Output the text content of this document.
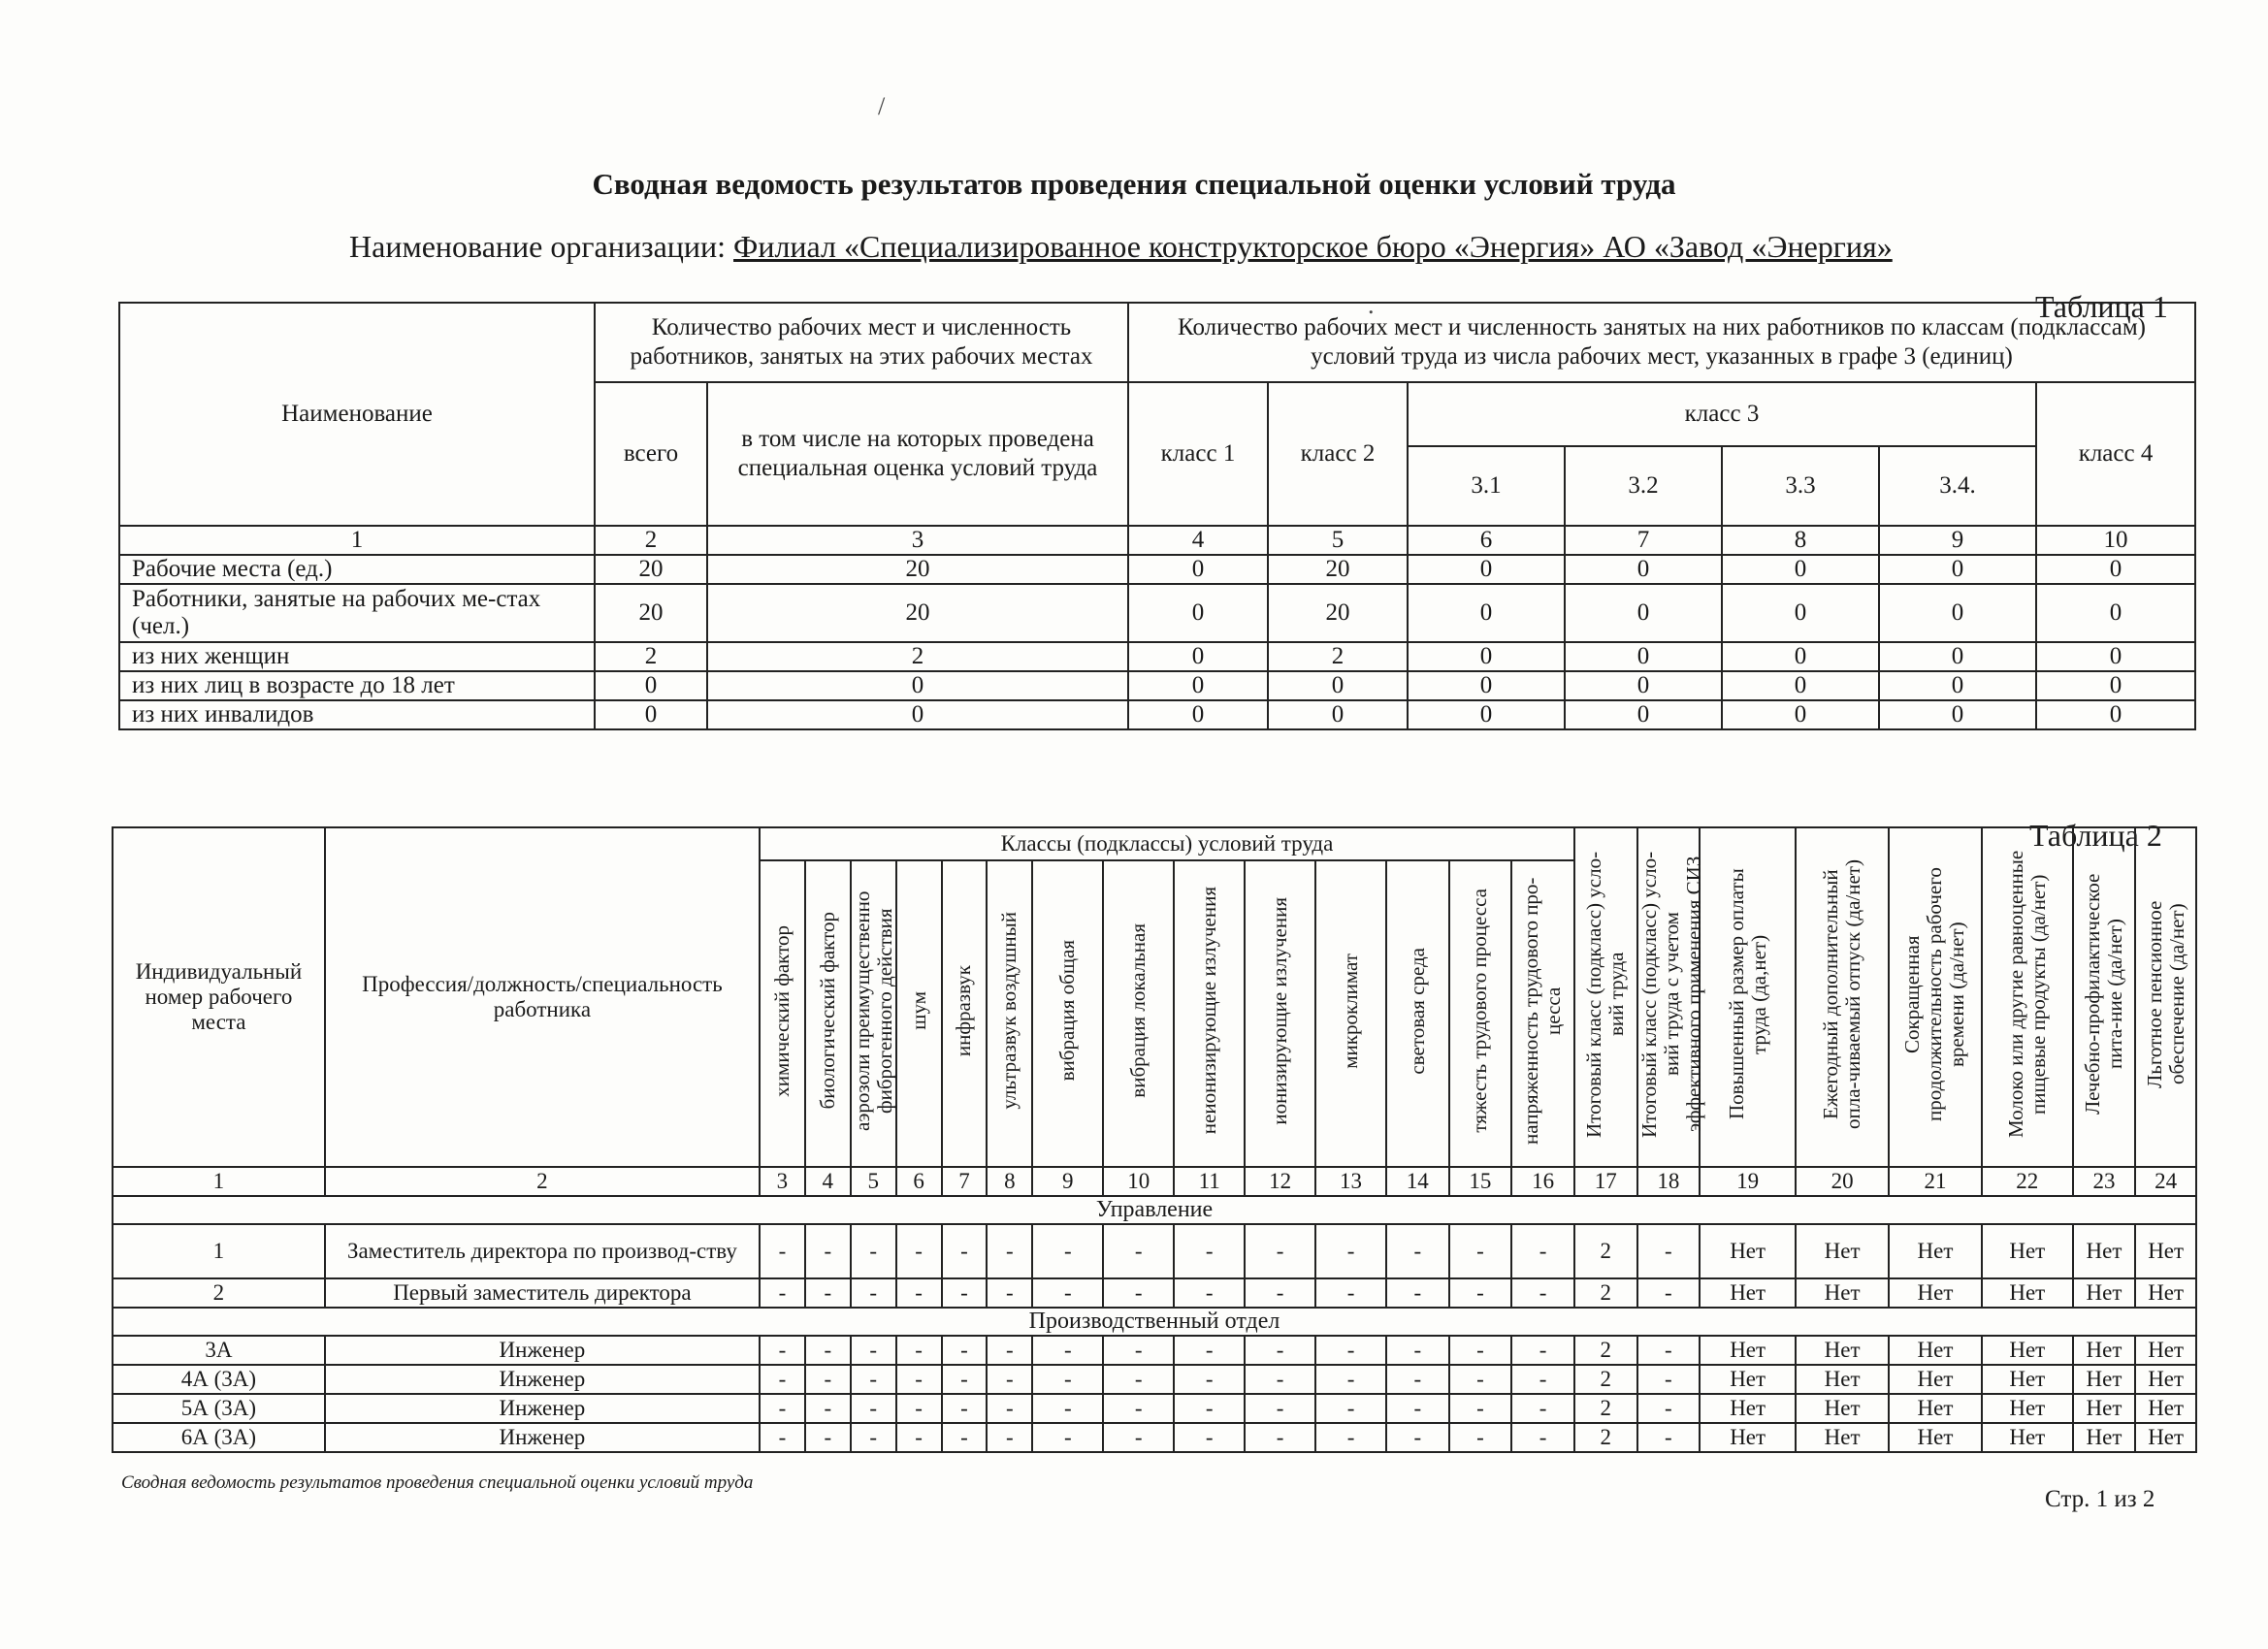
/
.
Сводная ведомость результатов проведения специальной оценки условий труда
Наименование организации: Филиал «Специализированное конструкторское бюро «Энергия» АО «Завод «Энергия»
Таблица 1
Наименование	Количество рабочих мест и численность работников, занятых на этих рабочих местах		Количество рабочих мест и численность занятых на них работников по классам (подклассам) условий труда из числа рабочих мест, указанных в графе 3 (единиц)						
	всего	в том числе на которых проведена специальная оценка условий труда	класс 1	класс 2	класс 3				класс 4
					3.1	3.2	3.3	3.4.	
1	2	3	4	5	6	7	8	9	10
Рабочие места (ед.)	20	20	0	20	0	0	0	0	0
Работники, занятые на рабочих ме-стах (чел.)	20	20	0	20	0	0	0	0	0
из них женщин	2	2	0	2	0	0	0	0	0
из них лиц в возрасте до 18 лет	0	0	0	0	0	0	0	0	0
из них инвалидов	0	0	0	0	0	0	0	0	0
Таблица 2
Индивидуальный номер рабочего места	Профессия/должность/специальность работника	Классы (подклассы) условий труда														Итоговый класс (подкласс) усло-вий труда	Итоговый класс (подкласс) усло-вий труда с учетом эффективного применения СИЗ	Повышенный размер оплаты труда (да,нет)	Ежегодный дополнительный опла-чиваемый отпуск (да/нет)	Сокращенная продолжительность рабочего времени (да/нет)	Молоко или другие равноценные пищевые продукты (да/нет)	Лечебно-профилактическое пита-ние (да/нет)	Льготное пенсионное обеспечение (да/нет)
		химический фактор	биологический фактор	аэрозоли преимущественно фиброгенного действия	шум	инфразвук	ультразвук воздушный	вибрация общая	вибрация локальная	неионизирующие излучения	ионизирующие излучения	микроклимат	световая среда	тяжесть трудового процесса	напряженность трудового про-цесса								
1	2	3	4	5	6	7	8	9	10	11	12	13	14	15	16	17	18	19	20	21	22	23	24
Управление																							
1	Заместитель директора по производ-ству	-	-	-	-	-	-	-	-	-	-	-	-	-	-	2	-	Нет	Нет	Нет	Нет	Нет	Нет
2	Первый заместитель директора	-	-	-	-	-	-	-	-	-	-	-	-	-	-	2	-	Нет	Нет	Нет	Нет	Нет	Нет
Производственный отдел																							
3А	Инженер	-	-	-	-	-	-	-	-	-	-	-	-	-	-	2	-	Нет	Нет	Нет	Нет	Нет	Нет
4А (3А)	Инженер	-	-	-	-	-	-	-	-	-	-	-	-	-	-	2	-	Нет	Нет	Нет	Нет	Нет	Нет
5А (3А)	Инженер	-	-	-	-	-	-	-	-	-	-	-	-	-	-	2	-	Нет	Нет	Нет	Нет	Нет	Нет
6А (3А)	Инженер	-	-	-	-	-	-	-	-	-	-	-	-	-	-	2	-	Нет	Нет	Нет	Нет	Нет	Нет
Сводная ведомость результатов проведения специальной оценки условий труда
Стр. 1 из 2
